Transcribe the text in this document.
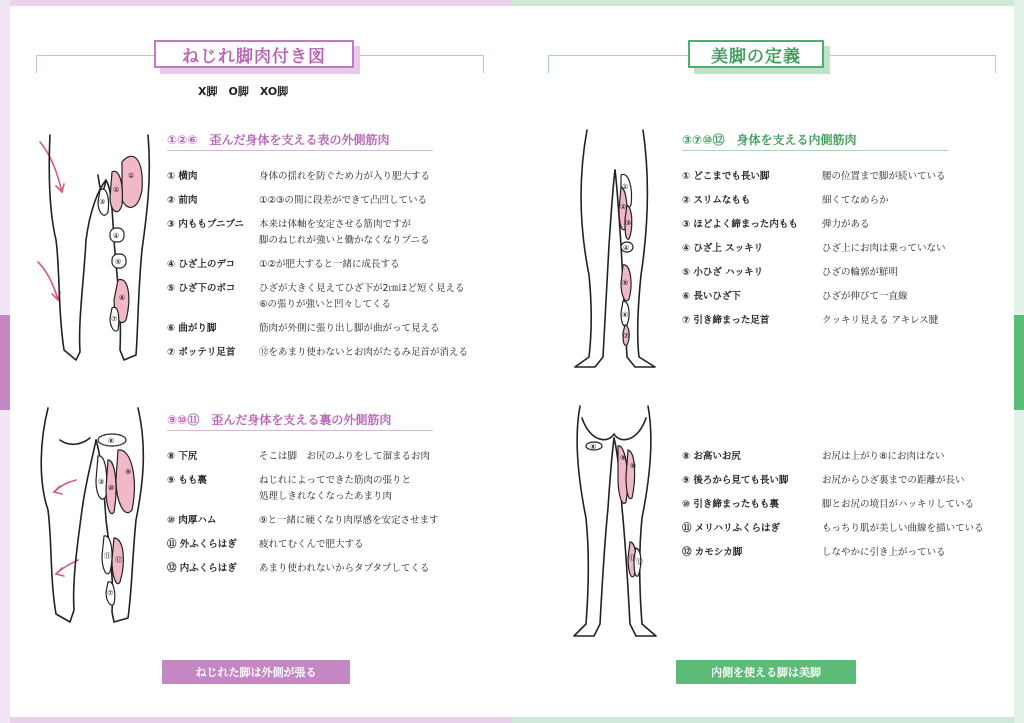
ねじれ脚肉付き図
X脚　O脚　XO脚
①
②
③
④
⑤
⑥
⑦
①②⑥　歪んだ身体を支える表の外側筋肉
① 横肉	身体の揺れを防ぐため力が入り肥大する
② 前肉	①②③の間に段差ができて凸凹している
③ 内ももプニプニ 本来は体軸を安定させる筋肉ですが
脚のねじれが強いと働かなくなりプニる
④ ひざ上のデコ	①②が肥大すると一緒に成長する
⑤ ひざ下のボコ ひざが大きく見えてひざ下が2㎝ほど短く見える
⑥の張りが強いと凹々してくる
⑥ 曲がり脚	筋肉が外側に張り出し脚が曲がって見える
⑦ ポッテリ足首 ⑫をあまり使わないとお肉がたるみ足首が消える
⑧
⑨
③
⑩
⑪ ⑫
⑦
⑨⑩⑪　歪んだ身体を支える裏の外側筋肉
⑧ 下尻	そこは脚　お尻のふりをして溜まるお肉
⑨ もも裏	ねじれによってできた筋肉の張りと
処理しきれなくなったあまり肉
⑩ 肉厚ハム	⑨と一緒に硬くなり肉厚感を安定させます
⑪ 外ふくらはぎ 疲れてむくんで肥大する
⑫ 内ふくらはぎ あまり使われないからタプタプしてくる
ねじれた脚は外側が張る
美脚の定義
①
②
③
④
⑤
⑥
⑦
③⑦⑩⑫　身体を支える内側筋肉
① どこまでも長い脚	腰の位置まで脚が続いている
② スリムなもも	細くてなめらか
③ ほどよく締まった内もも	弾力がある
④ ひざ上 スッキリ	ひざ上にお肉は乗っていない
⑤ 小ひざ ハッキリ	ひざの輪郭が鮮明
⑥ 長いひざ下	ひざが伸びて一直線
⑦ 引き締まった足首	クッキリ見える アキレス腱
⑧
⑨
⑩
⑪ ⑫
⑧ お高いお尻	お尻は上がり⑧にお肉はない
⑨ 後ろから見ても長い脚	お尻からひざ裏までの距離が長い
⑩ 引き締まったもも裏	脚とお尻の境目がハッキリしている
⑪ メリハリふくらはぎ	もっちり肌が美しい曲線を描いている
⑫ カモシカ脚	しなやかに引き上がっている
内側を使える脚は美脚
